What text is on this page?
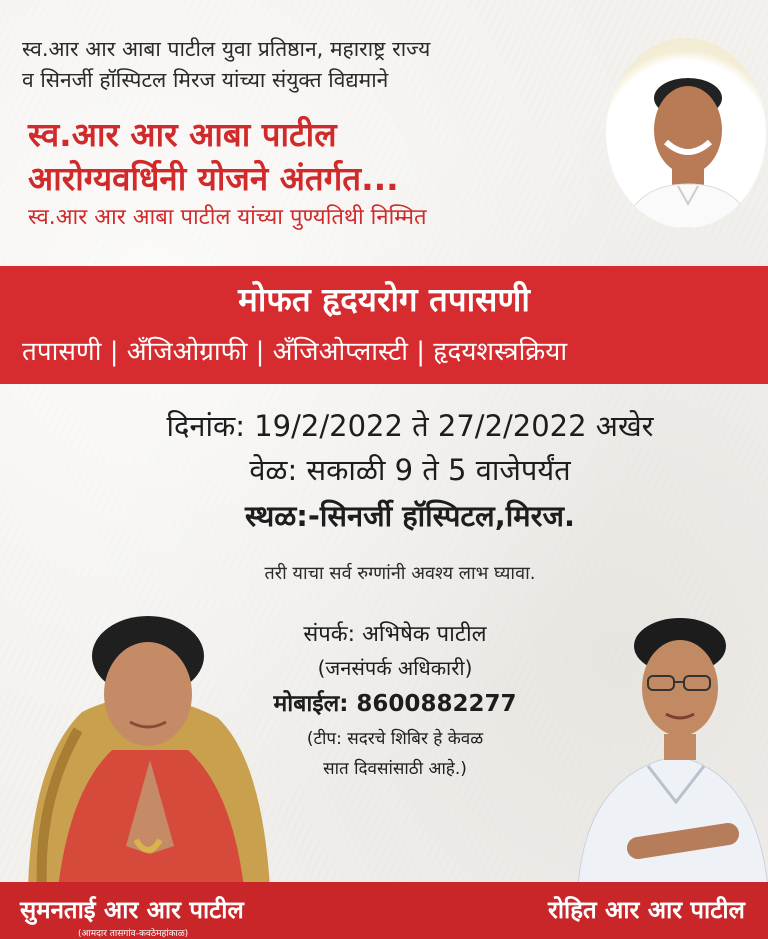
स्व.आर आर आबा पाटील युवा प्रतिष्ठान, महाराष्ट्र राज्य
व सिनर्जी हॉस्पिटल मिरज यांच्या संयुक्त विद्यमाने
स्व.आर आर आबा पाटील
आरोग्यवर्धिनी योजने अंतर्गत...
स्व.आर आर आबा पाटील यांच्या पुण्यतिथी निम्मित
मोफत हृदयरोग तपासणी
तपासणी | अँजिओग्राफी | अँजिओप्लास्टी | हृदयशस्त्रक्रिया
दिनांक: 19/2/2022 ते 27/2/2022 अखेर
वेळ: सकाळी 9 ते 5 वाजेपर्यंत
स्थळ:-सिनर्जी हॉस्पिटल,मिरज.
तरी याचा सर्व रुग्णांनी अवश्य लाभ घ्यावा.
संपर्क: अभिषेक पाटील
(जनसंपर्क अधिकारी)
मोबाईल: 8600882277
(टीप: सदरचे शिबिर हे केवळ
सात दिवसांसाठी आहे.)
सुमनताई आर आर पाटील
(आमदार तासगांव-कवठेमहांकाळ)
रोहित आर आर पाटील
